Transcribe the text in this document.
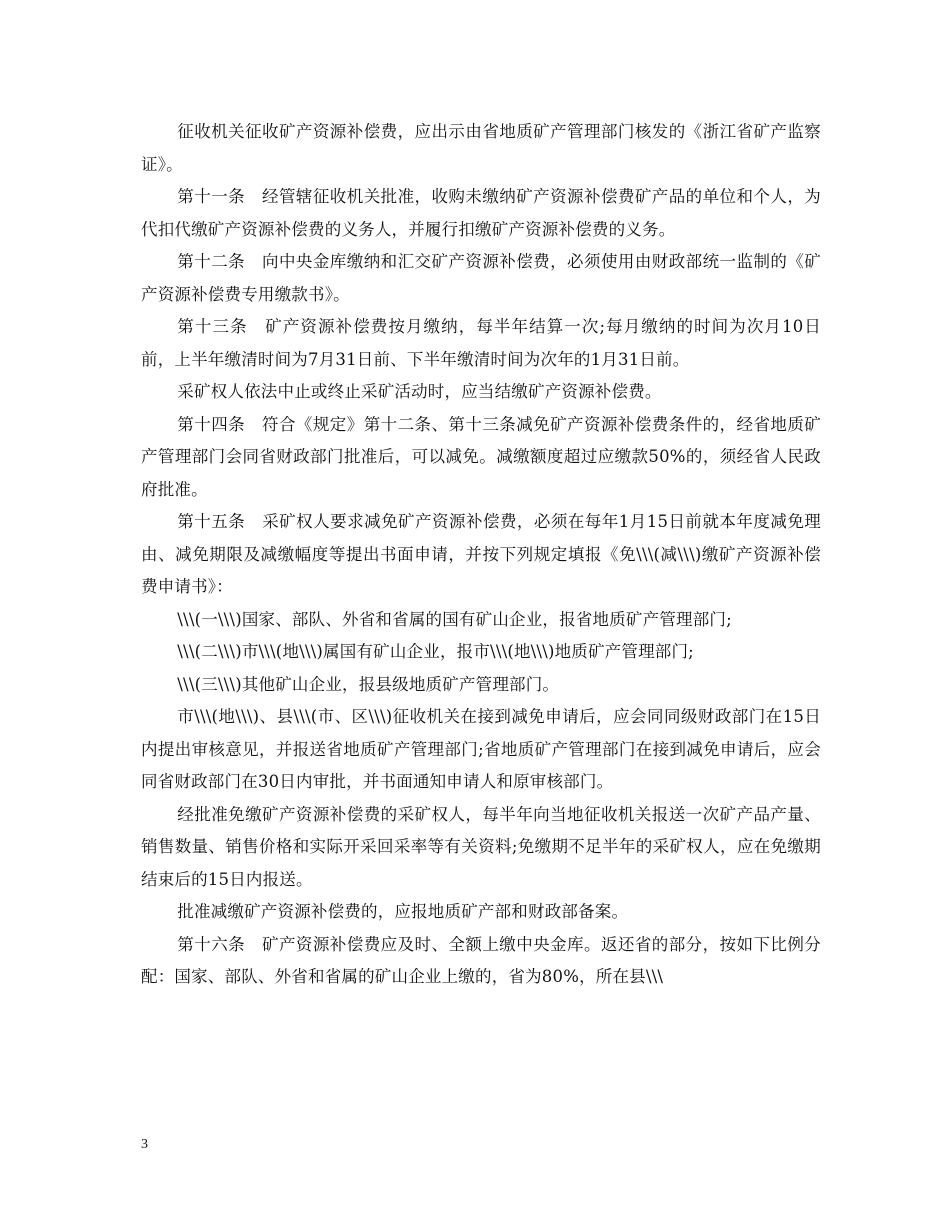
征收机关征收矿产资源补偿费，应出示由省地质矿产管理部门核发的《浙江省矿产监察证》。

第十一条　经管辖征收机关批准，收购未缴纳矿产资源补偿费矿产品的单位和个人，为代扣代缴矿产资源补偿费的义务人，并履行扣缴矿产资源补偿费的义务。

第十二条　向中央金库缴纳和汇交矿产资源补偿费，必须使用由财政部统一监制的《矿产资源补偿费专用缴款书》。

第十三条　矿产资源补偿费按月缴纳，每半年结算一次;每月缴纳的时间为次月10日前，上半年缴清时间为7月31日前、下半年缴清时间为次年的1月31日前。

采矿权人依法中止或终止采矿活动时，应当结缴矿产资源补偿费。

第十四条　符合《规定》第十二条、第十三条减免矿产资源补偿费条件的，经省地质矿产管理部门会同省财政部门批准后，可以减免。减缴额度超过应缴款50%的，须经省人民政府批准。

第十五条　采矿权人要求减免矿产资源补偿费，必须在每年1月15日前就本年度减免理由、减免期限及减缴幅度等提出书面申请，并按下列规定填报《免\\\(减\\\)缴矿产资源补偿费申请书》：

\\\(一\\\)国家、部队、外省和省属的国有矿山企业，报省地质矿产管理部门;

\\\(二\\\)市\\\(地\\\)属国有矿山企业，报市\\\(地\\\)地质矿产管理部门;

\\\(三\\\)其他矿山企业，报县级地质矿产管理部门。

市\\\(地\\\)、县\\\(市、区\\\)征收机关在接到减免申请后，应会同同级财政部门在15日内提出审核意见，并报送省地质矿产管理部门;省地质矿产管理部门在接到减免申请后，应会同省财政部门在30日内审批，并书面通知申请人和原审核部门。

经批准免缴矿产资源补偿费的采矿权人，每半年向当地征收机关报送一次矿产品产量、销售数量、销售价格和实际开采回采率等有关资料;免缴期不足半年的采矿权人，应在免缴期结束后的15日内报送。

批准减缴矿产资源补偿费的，应报地质矿产部和财政部备案。

第十六条　矿产资源补偿费应及时、全额上缴中央金库。返还省的部分，按如下比例分配：国家、部队、外省和省属的矿山企业上缴的，省为80%，所在县\\\

3
